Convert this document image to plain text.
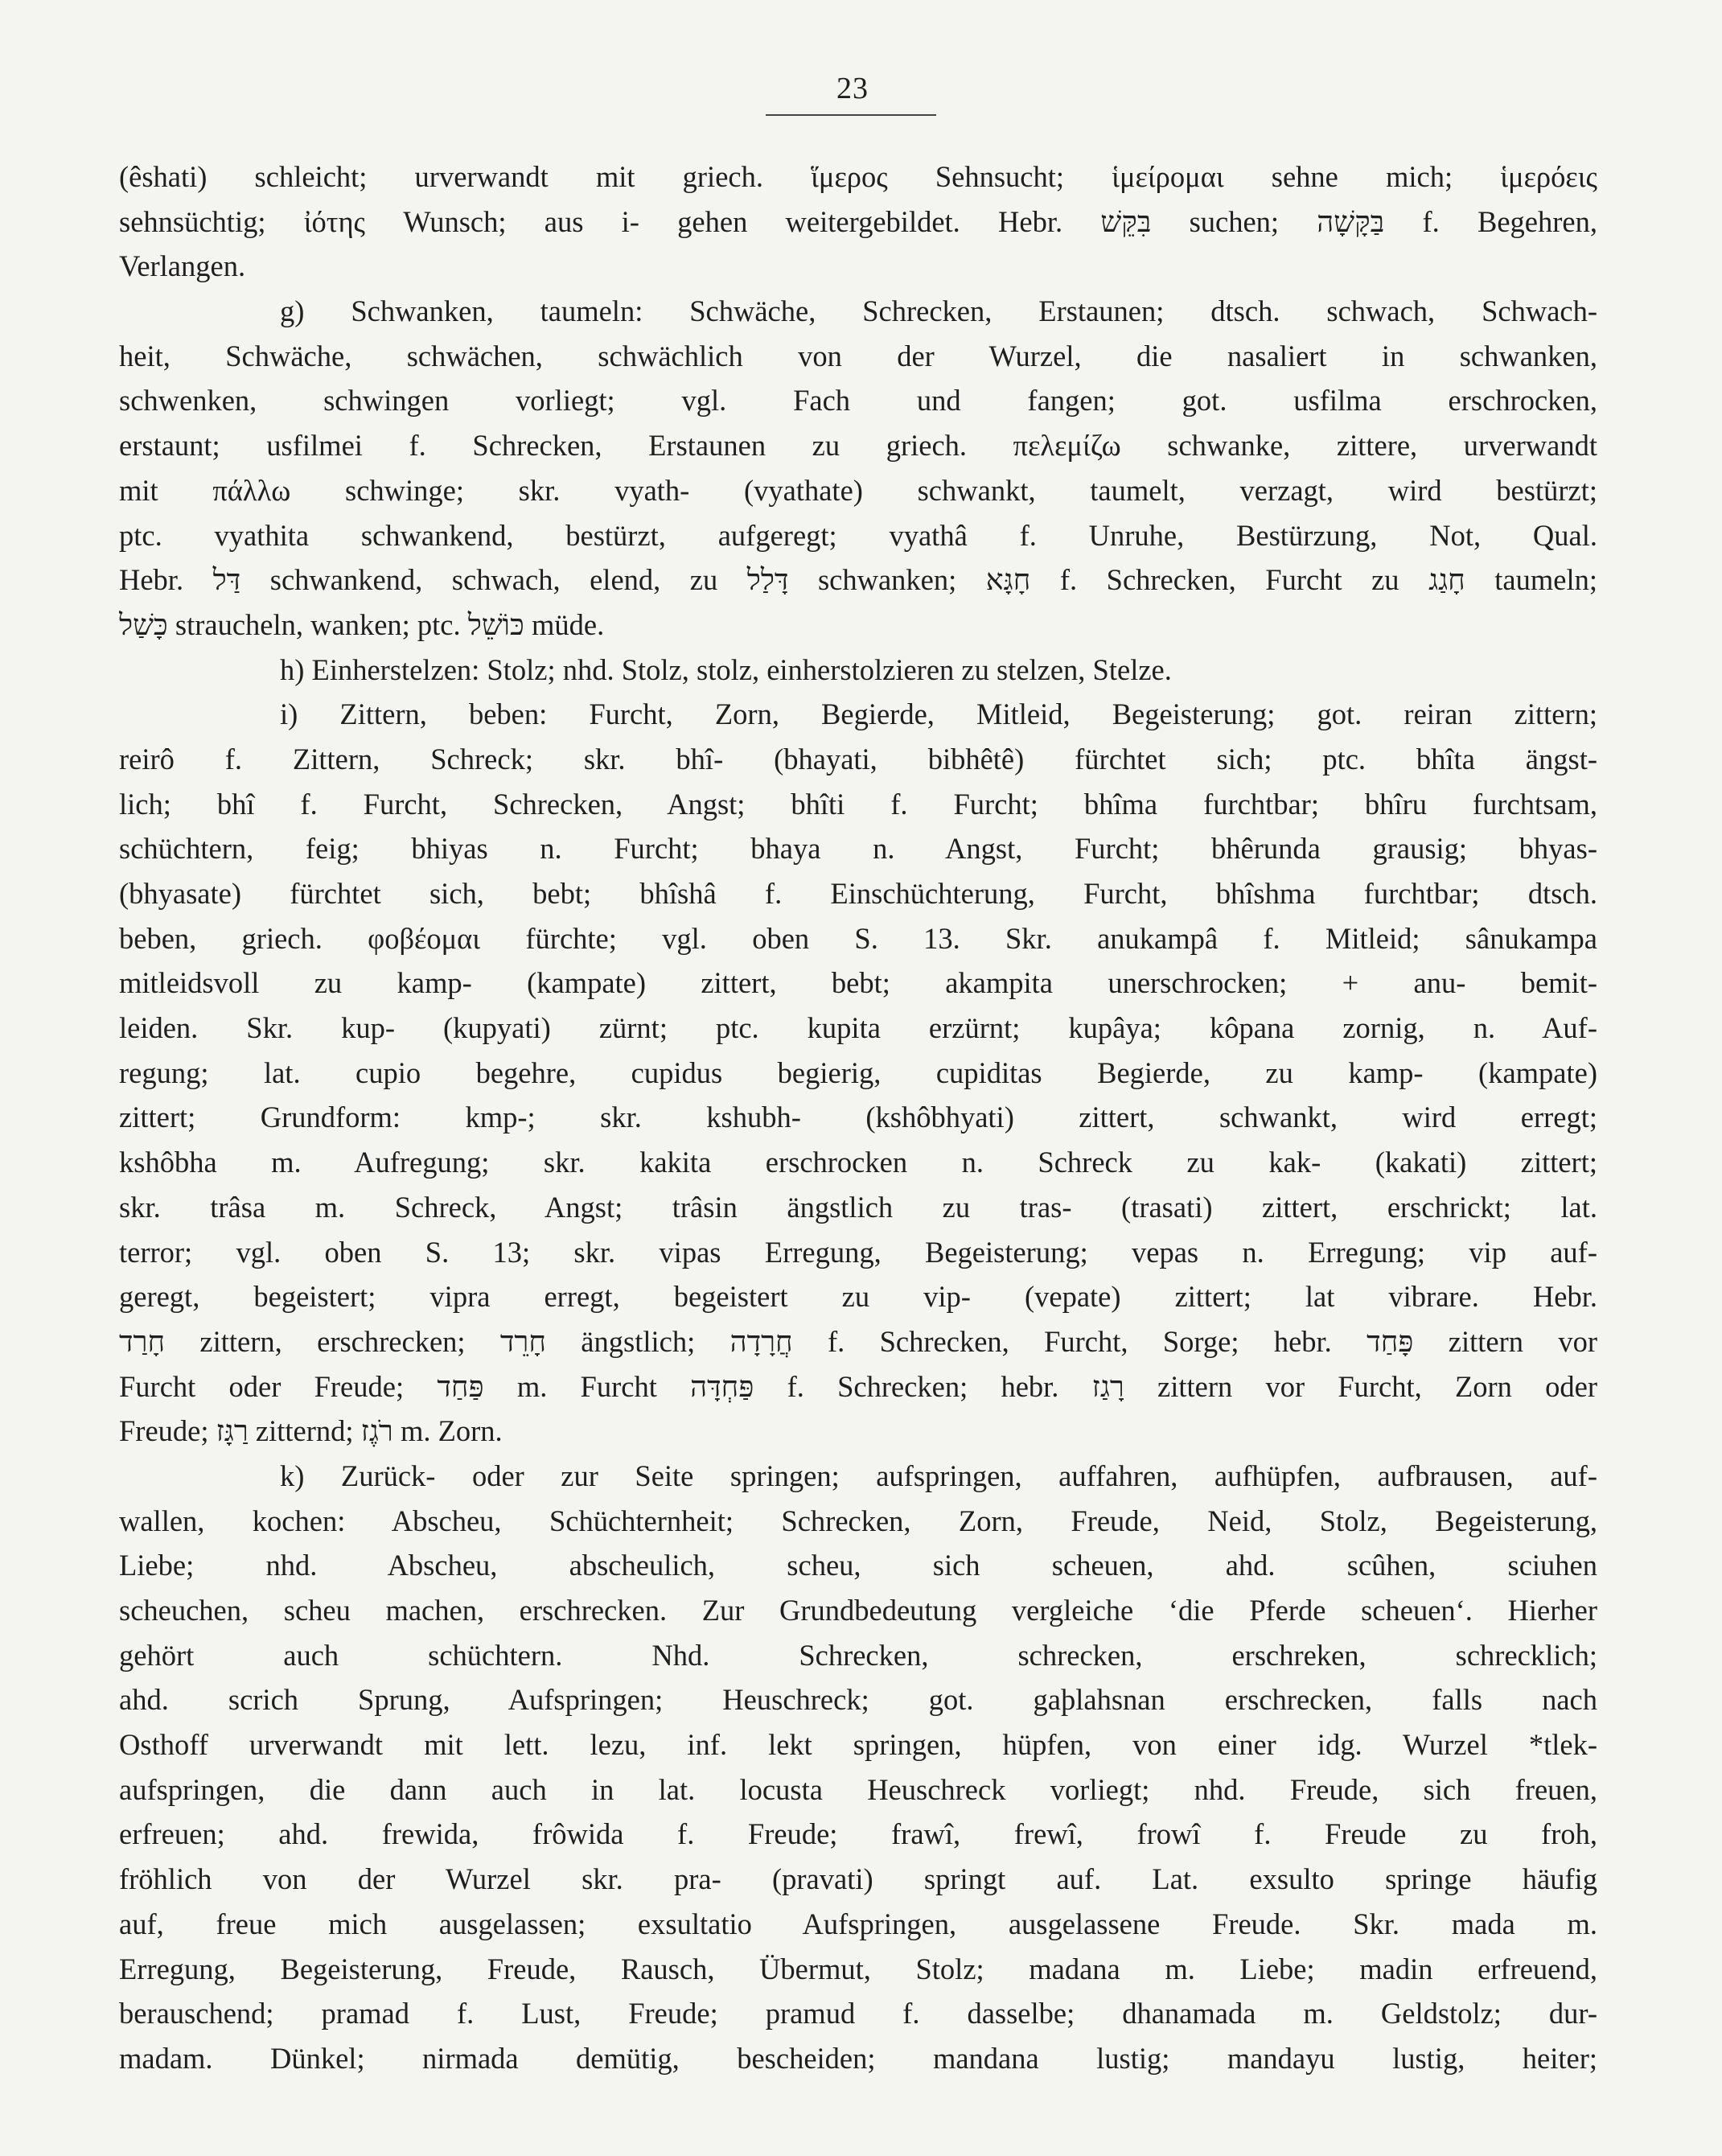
23
(êshati) schleicht; urverwandt mit griech. ἵμερος Sehnsucht; ἱμείρομαι sehne mich; ἱμερόεις
sehnsüchtig; ἰότης Wunsch; aus i- gehen weitergebildet. Hebr. בִּקֵּשׁ suchen; בַּקָּשָׁה f. Begehren,
Verlangen.
g) Schwanken, taumeln: Schwäche, Schrecken, Erstaunen; dtsch. schwach, Schwach-
heit, Schwäche, schwächen, schwächlich von der Wurzel, die nasaliert in schwanken,
schwenken, schwingen vorliegt; vgl. Fach und fangen; got. usfilma erschrocken,
erstaunt; usfilmei f. Schrecken, Erstaunen zu griech. πελεμίζω schwanke, zittere, urverwandt
mit πάλλω schwinge; skr. vyath- (vyathate) schwankt, taumelt, verzagt, wird bestürzt;
ptc. vyathita schwankend, bestürzt, aufgeregt; vyathâ f. Unruhe, Bestürzung, Not, Qual.
Hebr. דַּל schwankend, schwach, elend, zu דָּלַל schwanken; חָגָּא f. Schrecken, Furcht zu חָגַג taumeln;
כָּשַׁל straucheln, wanken; ptc. כּוֹשֵׁל müde.
h) Einherstelzen: Stolz; nhd. Stolz, stolz, einherstolzieren zu stelzen, Stelze.
i) Zittern, beben: Furcht, Zorn, Begierde, Mitleid, Begeisterung; got. reiran zittern;
reirô f. Zittern, Schreck; skr. bhî- (bhayati, bibhêtê) fürchtet sich; ptc. bhîta ängst-
lich; bhî f. Furcht, Schrecken, Angst; bhîti f. Furcht; bhîma furchtbar; bhîru furchtsam,
schüchtern, feig; bhiyas n. Furcht; bhaya n. Angst, Furcht; bhêrunda grausig; bhyas-
(bhyasate) fürchtet sich, bebt; bhîshâ f. Einschüchterung, Furcht, bhîshma furchtbar; dtsch.
beben, griech. φοβέομαι fürchte; vgl. oben S. 13. Skr. anukampâ f. Mitleid; sânukampa
mitleidsvoll zu kamp- (kampate) zittert, bebt; akampita unerschrocken; + anu- bemit-
leiden. Skr. kup- (kupyati) zürnt; ptc. kupita erzürnt; kupâya; kôpana zornig, n. Auf-
regung; lat. cupio begehre, cupidus begierig, cupiditas Begierde, zu kamp- (kampate)
zittert; Grundform: kmp-; skr. kshubh- (kshôbhyati) zittert, schwankt, wird erregt;
kshôbha m. Aufregung; skr. kakita erschrocken n. Schreck zu kak- (kakati) zittert;
skr. trâsa m. Schreck, Angst; trâsin ängstlich zu tras- (trasati) zittert, erschrickt; lat.
terror; vgl. oben S. 13; skr. vipas Erregung, Begeisterung; vepas n. Erregung; vip auf-
geregt, begeistert; vipra erregt, begeistert zu vip- (vepate) zittert; lat vibrare. Hebr.
חָרַד zittern, erschrecken; חָרֵד ängstlich; חֲרָדָה f. Schrecken, Furcht, Sorge; hebr. פָּחַד zittern vor
Furcht oder Freude; פַּחַד m. Furcht פַּחְדָּה f. Schrecken; hebr. רָגַז zittern vor Furcht, Zorn oder
Freude; רַגָּז zitternd; רֹגֶז m. Zorn.
k) Zurück- oder zur Seite springen; aufspringen, auffahren, aufhüpfen, aufbrausen, auf-
wallen, kochen: Abscheu, Schüchternheit; Schrecken, Zorn, Freude, Neid, Stolz, Begeisterung,
Liebe; nhd. Abscheu, abscheulich, scheu, sich scheuen, ahd. scûhen, sciuhen
scheuchen, scheu machen, erschrecken. Zur Grundbedeutung vergleiche ‘die Pferde scheuen‘. Hierher
gehört auch schüchtern. Nhd. Schrecken, schrecken, erschreken, schrecklich;
ahd. scrich Sprung, Aufspringen; Heuschreck; got. gaþlahsnan erschrecken, falls nach
Osthoff urverwandt mit lett. lezu, inf. lekt springen, hüpfen, von einer idg. Wurzel *tlek-
aufspringen, die dann auch in lat. locusta Heuschreck vorliegt; nhd. Freude, sich freuen,
erfreuen; ahd. frewida, frôwida f. Freude; frawî, frewî, frowî f. Freude zu froh,
fröhlich von der Wurzel skr. pra- (pravati) springt auf. Lat. exsulto springe häufig
auf, freue mich ausgelassen; exsultatio Aufspringen, ausgelassene Freude. Skr. mada m.
Erregung, Begeisterung, Freude, Rausch, Übermut, Stolz; madana m. Liebe; madin erfreuend,
berauschend; pramad f. Lust, Freude; pramud f. dasselbe; dhanamada m. Geldstolz; dur-
madam. Dünkel; nirmada demütig, bescheiden; mandana lustig; mandayu lustig, heiter;
